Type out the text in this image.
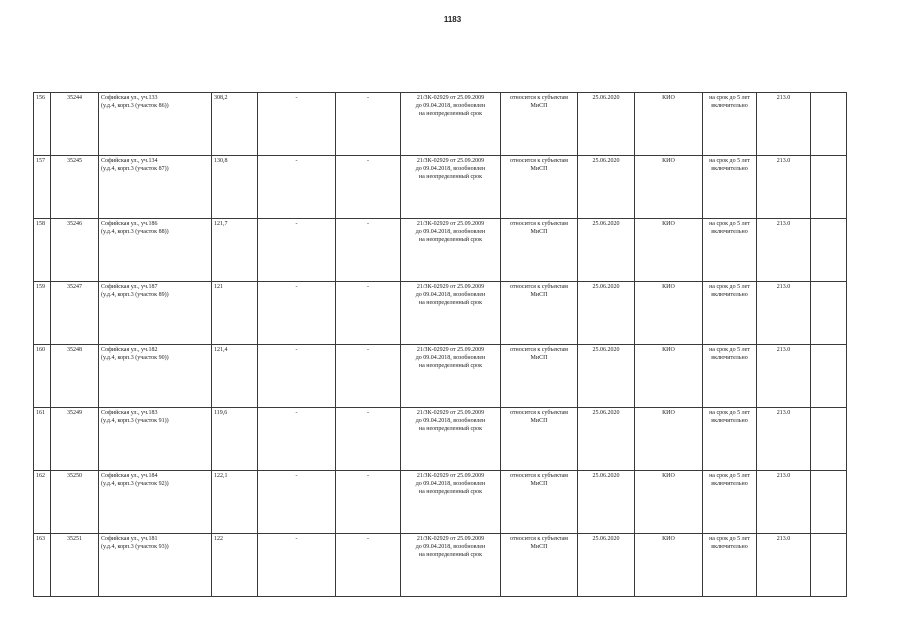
1183
156	35244	Софийская ул., уч.133
(у.д.4, корп.3 (участок 86))	308,2	-	-	21/ЗК-02929 от 25.09.2009
до 09.04.2018, возобновлен
на неопределенный срок	относится к субъектам
МиСП	25.06.2020	КИО	на срок до 5 лет
включительно	213.0	
157	35245	Софийская ул., уч.134
(у.д.4, корп.3 (участок 87))	130,8	-	-	21/ЗК-02929 от 25.09.2009
до 09.04.2018, возобновлен
на неопределенный срок	относится к субъектам
МиСП	25.06.2020	КИО	на срок до 5 лет
включительно	213.0	
158	35246	Софийская ул., уч.186
(у.д.4, корп.3 (участок 88))	121,7	-	-	21/ЗК-02929 от 25.09.2009
до 09.04.2018, возобновлен
на неопределенный срок	относится к субъектам
МиСП	25.06.2020	КИО	на срок до 5 лет
включительно	213.0	
159	35247	Софийская ул., уч.187
(у.д.4, корп.3 (участок 89))	121	-	-	21/ЗК-02929 от 25.09.2009
до 09.04.2018, возобновлен
на неопределенный срок	относится к субъектам
МиСП	25.06.2020	КИО	на срок до 5 лет
включительно	213.0	
160	35248	Софийская ул., уч.182
(у.д.4, корп.3 (участок 90))	121,4	-	-	21/ЗК-02929 от 25.09.2009
до 09.04.2018, возобновлен
на неопределенный срок	относится к субъектам
МиСП	25.06.2020	КИО	на срок до 5 лет
включительно	213.0	
161	35249	Софийская ул., уч.183
(у.д.4, корп.3 (участок 91))	119,6	-	-	21/ЗК-02929 от 25.09.2009
до 09.04.2018, возобновлен
на неопределенный срок	относится к субъектам
МиСП	25.06.2020	КИО	на срок до 5 лет
включительно	213.0	
162	35250	Софийская ул., уч.184
(у.д.4, корп.3 (участок 92))	122,1	-	-	21/ЗК-02929 от 25.09.2009
до 09.04.2018, возобновлен
на неопределенный срок	относится к субъектам
МиСП	25.06.2020	КИО	на срок до 5 лет
включительно	213.0	
163	35251	Софийская ул., уч.181
(у.д.4, корп.3 (участок 93))	122	-	-	21/ЗК-02929 от 25.09.2009
до 09.04.2018, возобновлен
на неопределенный срок	относится к субъектам
МиСП	25.06.2020	КИО	на срок до 5 лет
включительно	213.0	
